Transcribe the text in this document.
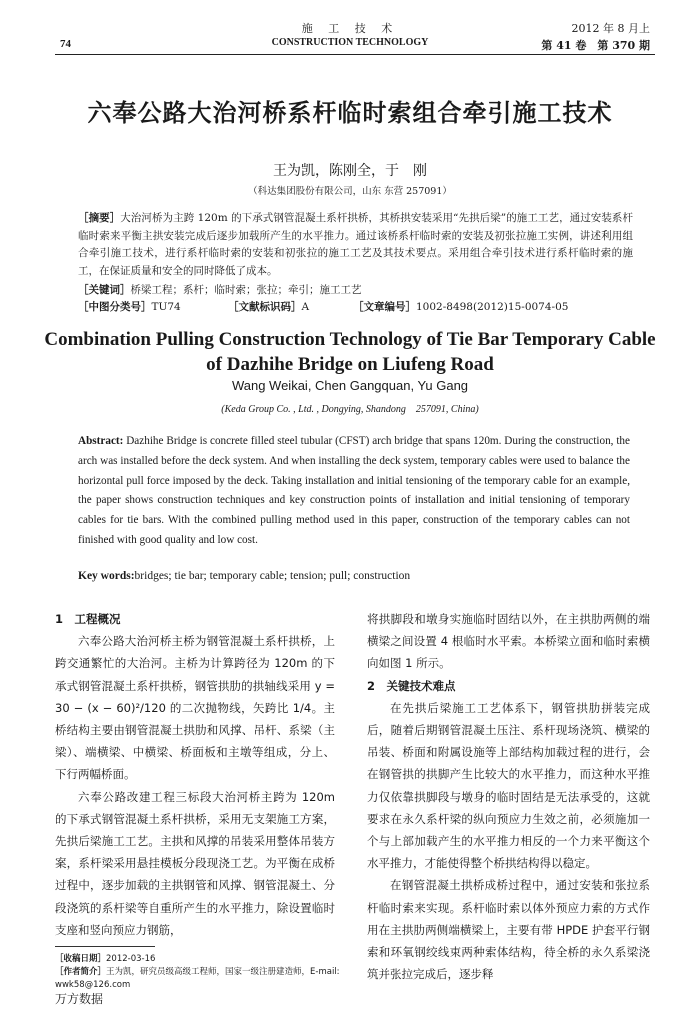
施 工 技 术
CONSTRUCTION TECHNOLOGY
74
2012 年 8 月上
第 41 卷　第 370 期
六奉公路大治河桥系杆临时索组合牵引施工技术
王为凯，陈刚全，于　刚
（科达集团股份有限公司，山东 东营 257091）
［摘要］大治河桥为主跨 120m 的下承式钢管混凝土系杆拱桥，其桥拱安装采用“先拱后梁”的施工工艺，通过安装系杆临时索来平衡主拱安装完成后逐步加载所产生的水平推力。通过该桥系杆临时索的安装及初张拉施工实例，讲述利用组合牵引施工技术，进行系杆临时索的安装和初张拉的施工工艺及其技术要点。采用组合牵引技术进行系杆临时索的施工，在保证质量和安全的同时降低了成本。
［关键词］桥梁工程；系杆；临时索；张拉；牵引；施工工艺
［中图分类号］TU74	［文献标识码］A	［文章编号］1002-8498(2012)15-0074-05
Combination Pulling Construction Technology of Tie Bar Temporary Cable
of Dazhihe Bridge on Liufeng Road
Wang Weikai, Chen Gangquan, Yu Gang
(Keda Group Co. , Ltd. , Dongying, Shandong　257091, China)
Abstract: Dazhihe Bridge is concrete filled steel tubular (CFST) arch bridge that spans 120m. During the construction, the arch was installed before the deck system. And when installing the deck system, temporary cables were used to balance the horizontal pull force imposed by the deck. Taking installation and initial tensioning of the temporary cable for an example, the paper shows construction techniques and key construction points of installation and initial tensioning of temporary cables for tie bars. With the combined pulling method used in this paper, construction of the temporary cables can not finished with good quality and low cost.
Key words:bridges; tie bar; temporary cable; tension; pull; construction

1　工程概况

六奉公路大治河桥主桥为钢管混凝土系杆拱桥，上跨交通繁忙的大治河。主桥为计算跨径为 120m 的下承式钢管混凝土系杆拱桥，钢管拱肋的拱轴线采用 y = 30 − (x − 60)²/120 的二次抛物线，矢跨比 1/4。主桥结构主要由钢管混凝土拱肋和风撑、吊杆、系梁（主梁）、端横梁、中横梁、桥面板和主墩等组成，分上、下行两幅桥面。

六奉公路改建工程三标段大治河桥主跨为 120m 的下承式钢管混凝土系杆拱桥，采用无支架施工方案，先拱后梁施工工艺。主拱和风撑的吊装采用整体吊装方案，系杆梁采用悬挂模板分段现浇工艺。为平衡在成桥过程中，逐步加载的主拱钢管和风撑、钢管混凝土、分段浇筑的系杆梁等自重所产生的水平推力，除设置临时支座和竖向预应力钢筋，

将拱脚段和墩身实施临时固结以外，在主拱肋两侧的端横梁之间设置 4 根临时水平索。本桥梁立面和临时索横向如图 1 所示。

2　关键技术难点

在先拱后梁施工工艺体系下，钢管拱肋拼装完成后，随着后期钢管混凝土压注、系杆现场浇筑、横梁的吊装、桥面和附属设施等上部结构加载过程的进行，会在钢管拱的拱脚产生比较大的水平推力，而这种水平推力仅依靠拱脚段与墩身的临时固结是无法承受的，这就要求在永久系杆梁的纵向预应力生效之前，必须施加一个与上部加载产生的水平推力相反的一个力来平衡这个水平推力，才能使得整个桥拱结构得以稳定。

在钢管混凝土拱桥成桥过程中，通过安装和张拉系杆临时索来实现。系杆临时索以体外预应力索的方式作用在主拱肋两侧端横梁上，主要有带 HPDE 护套平行钢索和环氧钢绞线束两种索体结构，待全桥的永久系梁浇筑并张拉完成后，逐步释

［收稿日期］2012-03-16
［作者简介］王为凯，研究员级高级工程师，国家一级注册建造师，E-mail: wwk58@126.com
万方数据
